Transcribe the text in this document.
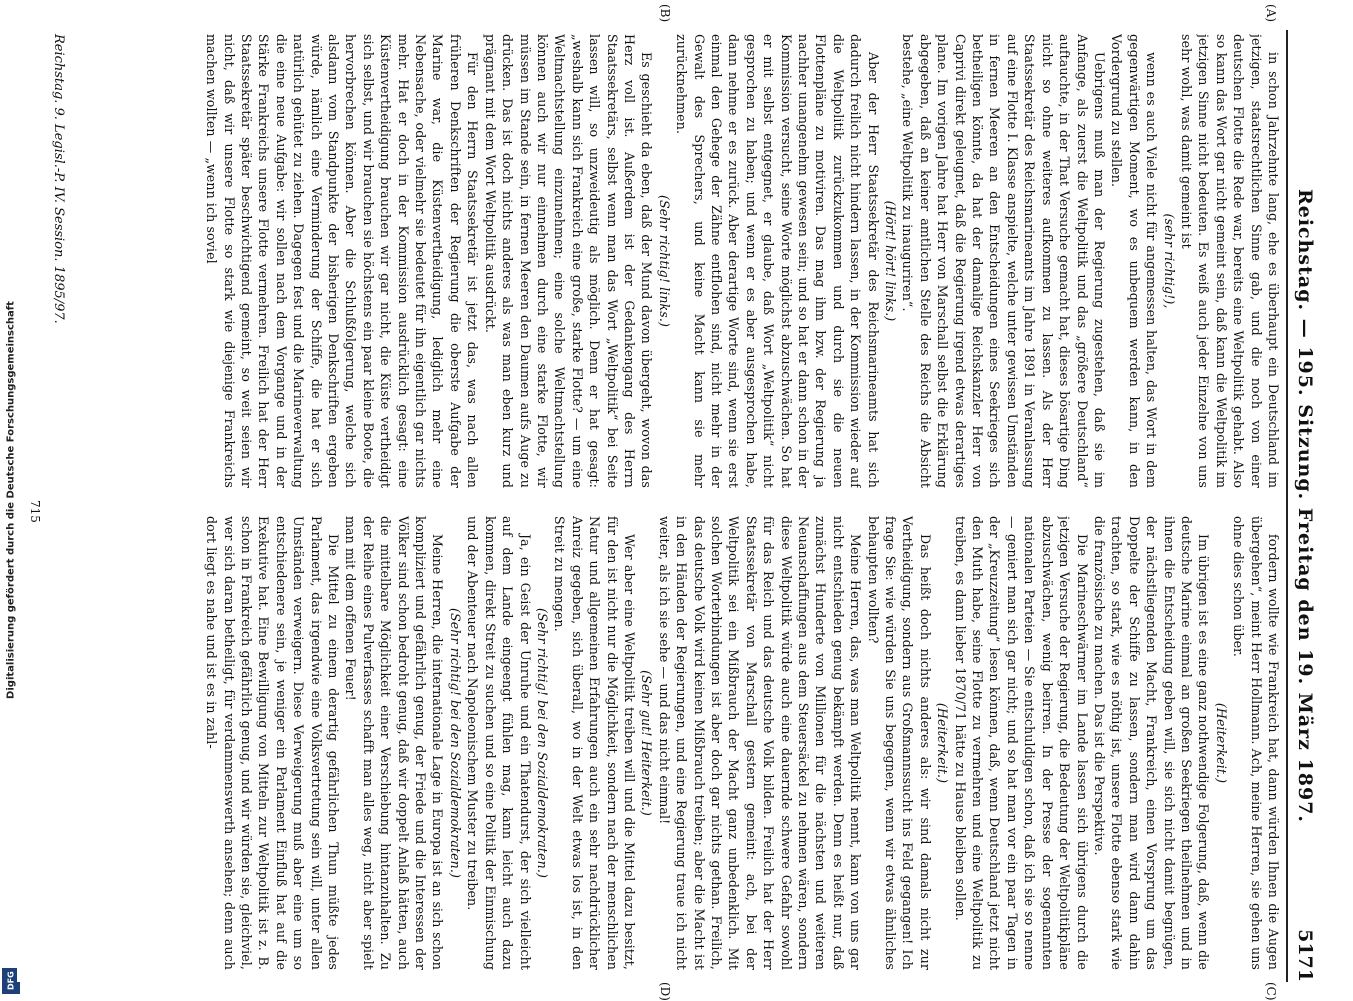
Digitalisierung gefördert durch die Deutsche Forschungsgemeinschaft
DFG
Reichstag. — 195. Sitzung. Freitag den 19. März 1897.
5171
(A)
(B)
(C)
(D)

in schon Jahrzehnte lang, ehe es überhaupt ein Deutschland im jetzigen, staatsrechtlichen Sinne gab, und die noch von einer deutschen Flotte die Rede war, bereits eine Weltpolitik gehabt. Also so kann das Wort gar nicht gemeint sein, daß kann die Weltpolitik im jetzigen Sinne nicht bedeuten. Es weiß auch jeder Einzelne von uns sehr wohl, was damit gemeint ist

(sehr richtig!),

wenn es auch Viele nicht für angemessen halten, das Wort in dem gegenwärtigen Moment, wo es unbequem werden kann, in den Vordergrund zu stellen.

Uebrigens muß man der Regierung zugestehen, daß sie im Anfange, als zuerst die Weltpolitik und das „größere Deutschland“ auftauchte, in der That Versuche gemacht hat, dieses bösartige Ding nicht so ohne weiteres aufkommen zu lassen. Als der Herr Staatssekretär des Reichsmarineamts im Jahre 1891 in Veranlassung auf eine Flotte I. Klasse anspielte, welche unter gewissen Umständen in fernen Meeren an den Entscheidungen eines Seekrieges sich betheiligen könnte, da hat der damalige Reichskanzler Herr von Caprivi direkt geleugnet, daß die Regierung irgend etwas derartiges plane. Im vorigen Jahre hat Herr von Marschall selbst die Erklärung abgegeben, daß an keiner amtlichen Stelle des Reichs die Absicht bestehe, „eine Weltpolitik zu inauguriren“.

(Hört! hört! links.)

Aber der Herr Staatssekretär des Reichsmarineamts hat sich dadurch freilich nicht hindern lassen, in der Kommission wieder auf die Weltpolitik zurückzukommen und durch sie die neuen Flottenpläne zu motiviren. Das mag ihm bzw. der Regierung ja nachher unangenehm gewesen sein; und so hat er dann schon in der Kommission versucht, seine Worte möglichst abzuschwächen. So hat er mit selbst entgegnet, er glaube, daß Wort „Weltpolitik“ nicht gesprochen zu haben; und wenn er es aber ausgesprochen habe, dann nehme er es zurück. Aber derartige Worte sind, wenn sie erst einmal den Gehege der Zähne entflohen sind, nicht mehr in der Gewalt des Sprechers, und keine Macht kann sie mehr zurücknehmen.

(Sehr richtig! links.)

Es geschieht da eben, daß der Mund davon übergeht, wovon das Herz voll ist. Außerdem ist der Gedankengang des Herrn Staatssekretärs, selbst wenn man das Wort „Weltpolitik“ bei Seite lassen will, so unzweideutig als möglich. Denn er hat gesagt: „weshalb kann sich Frankreich eine große, starke Flotte? — um eine Weltmachtstellung einzunehmen; eine solche Weltmachtstellung können auch wir nur einnehmen durch eine starke Flotte, wir müssen im Stande sein, in fernen Meeren den Daumen aufs Auge zu drücken. Das ist doch nichts anderes als was man eben kurz und prägnant mit dem Wort Weltpolitik ausdrückt.

Für den Herrn Staatssekretär ist jetzt das, was nach allen früheren Denkschriften der Regierung die oberste Aufgabe der Marine war, die Küstenvertheidigung, lediglich mehr eine Nebensache, oder vielmehr sie bedeutet für ihn eigentlich gar nichts mehr. Hat er doch in der Kommission ausdrücklich gesagt: eine Küstenvertheidigung brauchen wir gar nicht, die Küste vertheidigt sich selbst, und wir brauchen sie höchstens ein paar kleine Boote, die hervorbrechen können. Aber die Schlußfolgerung, welche sich alsdann vom Standpunkte der bisherigen Denkschriften ergeben würde, nämlich eine Verminderung der Schiffe, die hat er sich natürlich gehütet zu ziehen. Dagegen fest und die Marineverwaltung die eine neue Aufgabe: wir sollen nach dem Vorgange und in der Stärke Frankreichs unsere Flotte vermehren. Freilich hat der Herr Staatssekretär später beschwichtigend gemeint, so weit seien wir nicht, daß wir unsere Flotte so stark wie diejenige Frankreichs machen wollten — „wenn ich soviel

fordern wollte wie Frankreich hat, dann würden Ihnen die Augen übergehen“, meint Herr Hollmann. Ach, meine Herren, sie gehen uns ohne dies schon über.

(Heiterkeit.)

Im übrigen ist es eine ganz nothwendige Folgerung, daß, wenn die deutsche Marine einmal an großen Seekriegen theilnehmen und in ihnen die Entscheidung geben will, sie sich nicht damit begnügen, der nächstliegenden Macht, Frankreich, einen Vorsprung um das Doppelte der Schiffe zu lassen, sondern man wird dann dahin trachten, so stark, wie es nöthig ist, unsere Flotte ebenso stark wie die französische zu machen. Das ist die Perspektive.

Die Marineschwärmer im Lande lassen sich übrigens durch die jetzigen Versuche der Regierung, die Bedeutung der Weltpolitikpläne abzuschwächen, wenig beirren. In der Presse der sogenannten nationalen Parteien — Sie entschuldigen schon, daß ich sie so nenne — geniert man sich gar nicht; und so hat man vor ein paar Tagen in der „Kreuzzeitung“ lesen können, daß, wenn Deutschland jetzt nicht den Muth habe, seine Flotte zu vermehren und eine Weltpolitik zu treiben, es dann lieber 1870/71 hätte zu Hause bleiben sollen.

(Heiterkeit.)

Das heißt doch nichts anderes als: wir sind damals nicht zur Vertheidigung, sondern aus Großmannssucht ins Feld gegangen! Ich frage Sie: wie würden Sie uns begegnen, wenn wir etwas ähnliches behaupten wollten?

Meine Herren, das, was man Weltpolitik nennt, kann von uns gar nicht entschieden genug bekämpft werden. Denn es heißt nur, daß zunächst Hunderte von Millionen für die nächsten und weiteren Neuanschaffungen aus dem Steuersäckel zu nehmen wären, sondern diese Weltpolitik würde auch eine dauernde schwere Gefahr sowohl für das Reich und das deutsche Volk bilden. Freilich hat der Herr Staatssekretär von Marschall gestern gemeint: ach, bei der Weltpolitik sei ein Mißbrauch der Macht ganz unbedenklich. Mit solchen Worterbindungen ist aber doch gar nichts gethan. Freilich, das deutsche Volk wird keinen Mißbrauch treiben; aber die Macht ist in den Händen der Regierungen, und eine Regierung traue ich nicht weiter, als ich sie sehe — und das nicht einmal!

(Sehr gut! Heiterkeit.)

Wer aber eine Weltpolitik treiben will und die Mittel dazu besitzt, für den ist nicht nur die Möglichkeit, sondern nach der menschlichen Natur und allgemeinen Erfahrungen auch ein sehr nachdrücklicher Anreiz gegeben, sich überall, wo in der Welt etwas los ist, in den Streit zu mengen.

(Sehr richtig! bei den Sozialdemokraten.)

Ja, ein Geist der Unruhe und ein Thatendurst, der sich vielleicht auf dem Lande eingeengt fühlen mag, kann leicht auch dazu kommen, direkt Streit zu suchen und so eine Politik der Einmischung und der Abenteuer nach Napoleonischem Muster zu treiben.

(Sehr richtig! bei den Sozialdemokraten.)

Meine Herren, die internationale Lage in Europa ist an sich schon kompliziert und gefährlich genug, der Friede und die Interessen der Völker sind schon bedroht genug, daß wir doppelt Anlaß hätten, auch die mittelbare Möglichkeit einer Verschiebung hintanzuhalten. Zu der Reihe eines Pulverfasses schafft man alles weg, nicht aber spielt man mit dem offenen Feuer!

Die Mittel zu einem derartig gefährlichen Thun müßte jedes Parlament, das irgendwie eine Volksvertretung sein will, unter allen Umständen verweigern. Diese Verweigerung muß aber eine um so entschiedenere sein, je weniger ein Parlament Einfluß hat auf die Exekutive hat. Eine Bewilligung von Mitteln zur Weltpolitik ist z. B. schon in Frankreich gefährlich genug, und wir würden sie, gleichviel, wer sich daran betheiligt, für verdammenswerth ansehen; denn auch dort liegt es nahe und ist es in zahl-

Reichstag. 9. Legisl.-P. IV. Session. 1895/97.
715
